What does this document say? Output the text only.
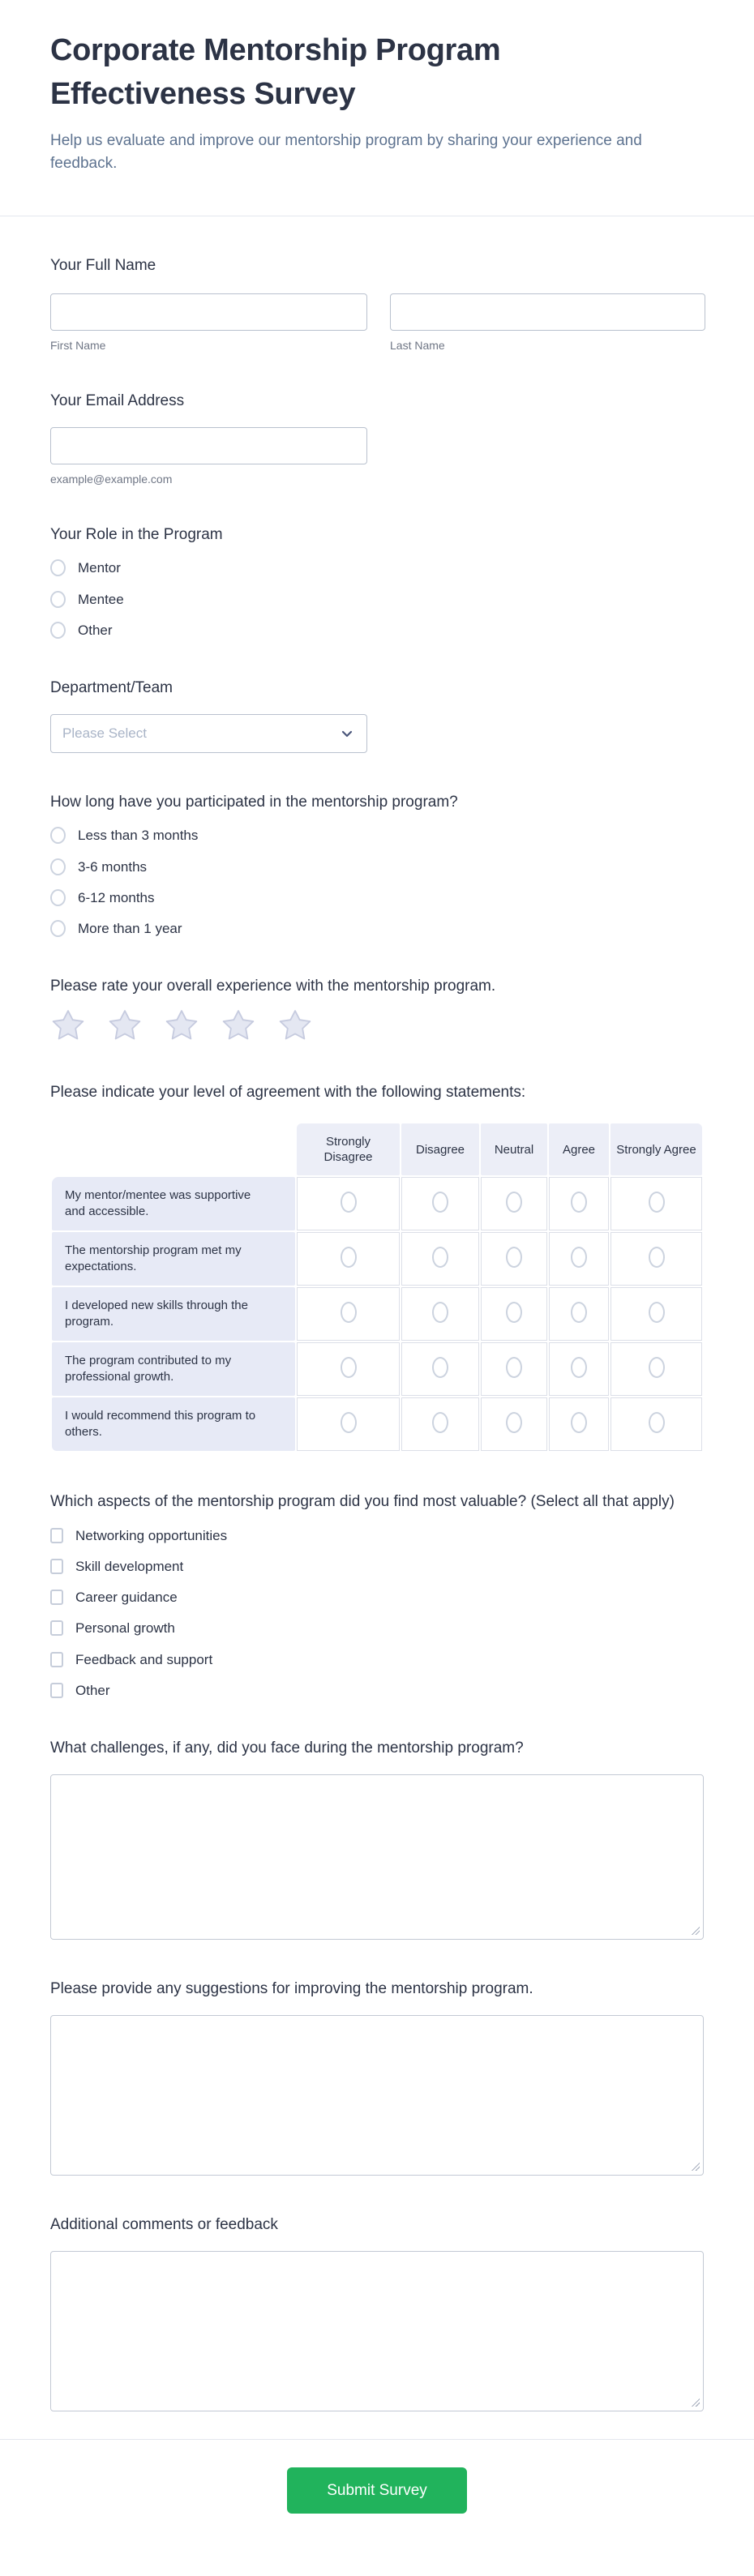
Corporate Mentorship Program Effectiveness Survey

Help us evaluate and improve our mentorship program by sharing your experience and feedback.

Your Full Name
First Name	Last Name
Your Email Address
example@example.com
Your Role in the Program
Mentor
Mentee
Other
Department/Team
Please Select
How long have you participated in the mentorship program?
Less than 3 months
3-6 months
6-12 months
More than 1 year
Please rate your overall experience with the mentorship program.
Please indicate your level of agreement with the following statements:
	Strongly Disagree	Disagree	Neutral	Agree	Strongly Agree
My mentor/mentee was supportive and accessible.					
The mentorship program met my expectations.					
I developed new skills through the program.					
The program contributed to my professional growth.					
I would recommend this program to others.					
Which aspects of the mentorship program did you find most valuable? (Select all that apply)
Networking opportunities
Skill development
Career guidance
Personal growth
Feedback and support
Other
What challenges, if any, did you face during the mentorship program?
Please provide any suggestions for improving the mentorship program.
Additional comments or feedback
Submit Survey
